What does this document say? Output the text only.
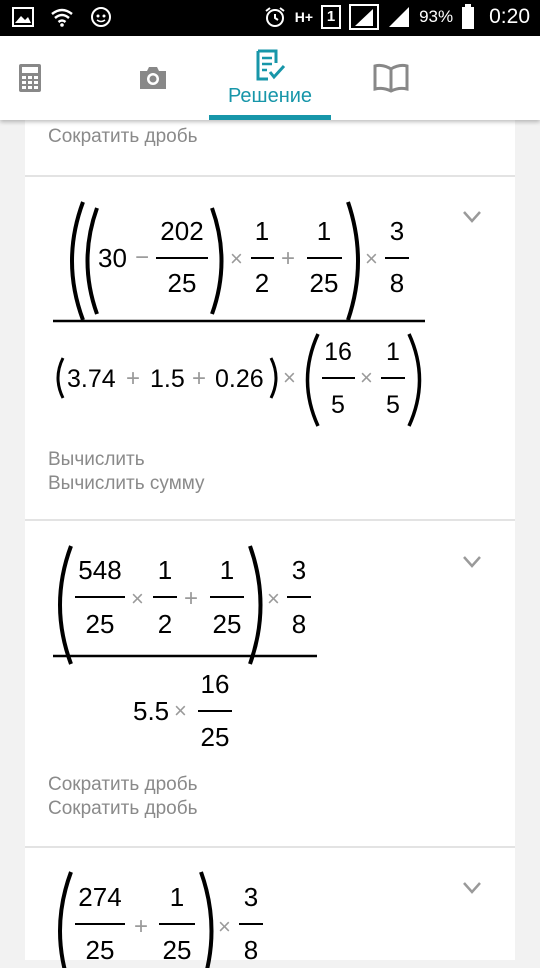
H+ 1	93% 0:20
Решение
Сократить дробь
30 −
202
25
×
1
2
+
1
25
×
3
8
3.74 + 1.5 + 0.26 ×
16
5
×
1
5
Вычислить
Вычислить сумму
548
25
×
1
2
+
1
25
×
3
8
5.5 ×
16
25
Сократить дробь
Сократить дробь
274
25
+
1
25
×
3
8
